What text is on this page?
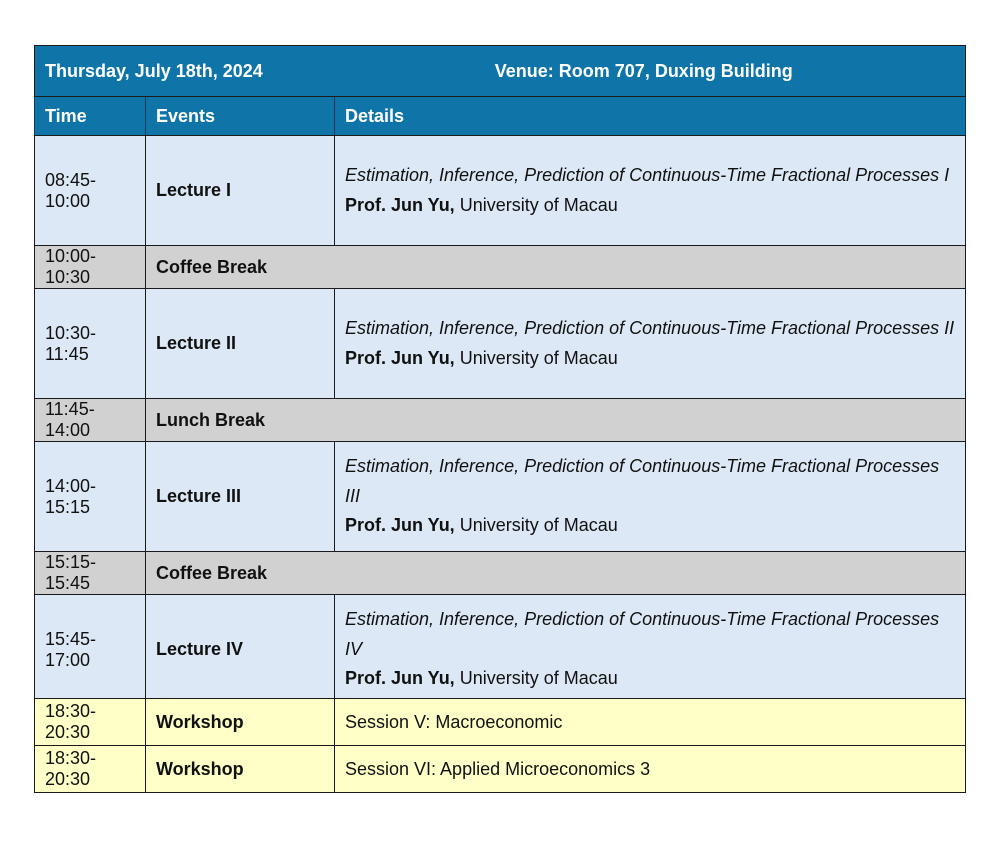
Thursday, July 18th, 2024 Venue: Room 707, Duxing Building		
Time	Events	Details
08:45-10:00	Lecture I	Estimation, Inference, Prediction of Continuous-Time Fractional Processes I
Prof. Jun Yu, University of Macau

10:00-10:30	Coffee Break	
10:30-11:45	Lecture II	Estimation, Inference, Prediction of Continuous-Time Fractional Processes II
Prof. Jun Yu, University of Macau

11:45-14:00	Lunch Break	
14:00-15:15	Lecture III	Estimation, Inference, Prediction of Continuous-Time Fractional Processes III
Prof. Jun Yu, University of Macau

15:15-15:45	Coffee Break	
15:45-17:00	Lecture IV	Estimation, Inference, Prediction of Continuous-Time Fractional Processes IV
Prof. Jun Yu, University of Macau
18:30-20:30	Workshop	Session V: Macroeconomic
18:30-20:30	Workshop	Session VI: Applied Microeconomics 3
